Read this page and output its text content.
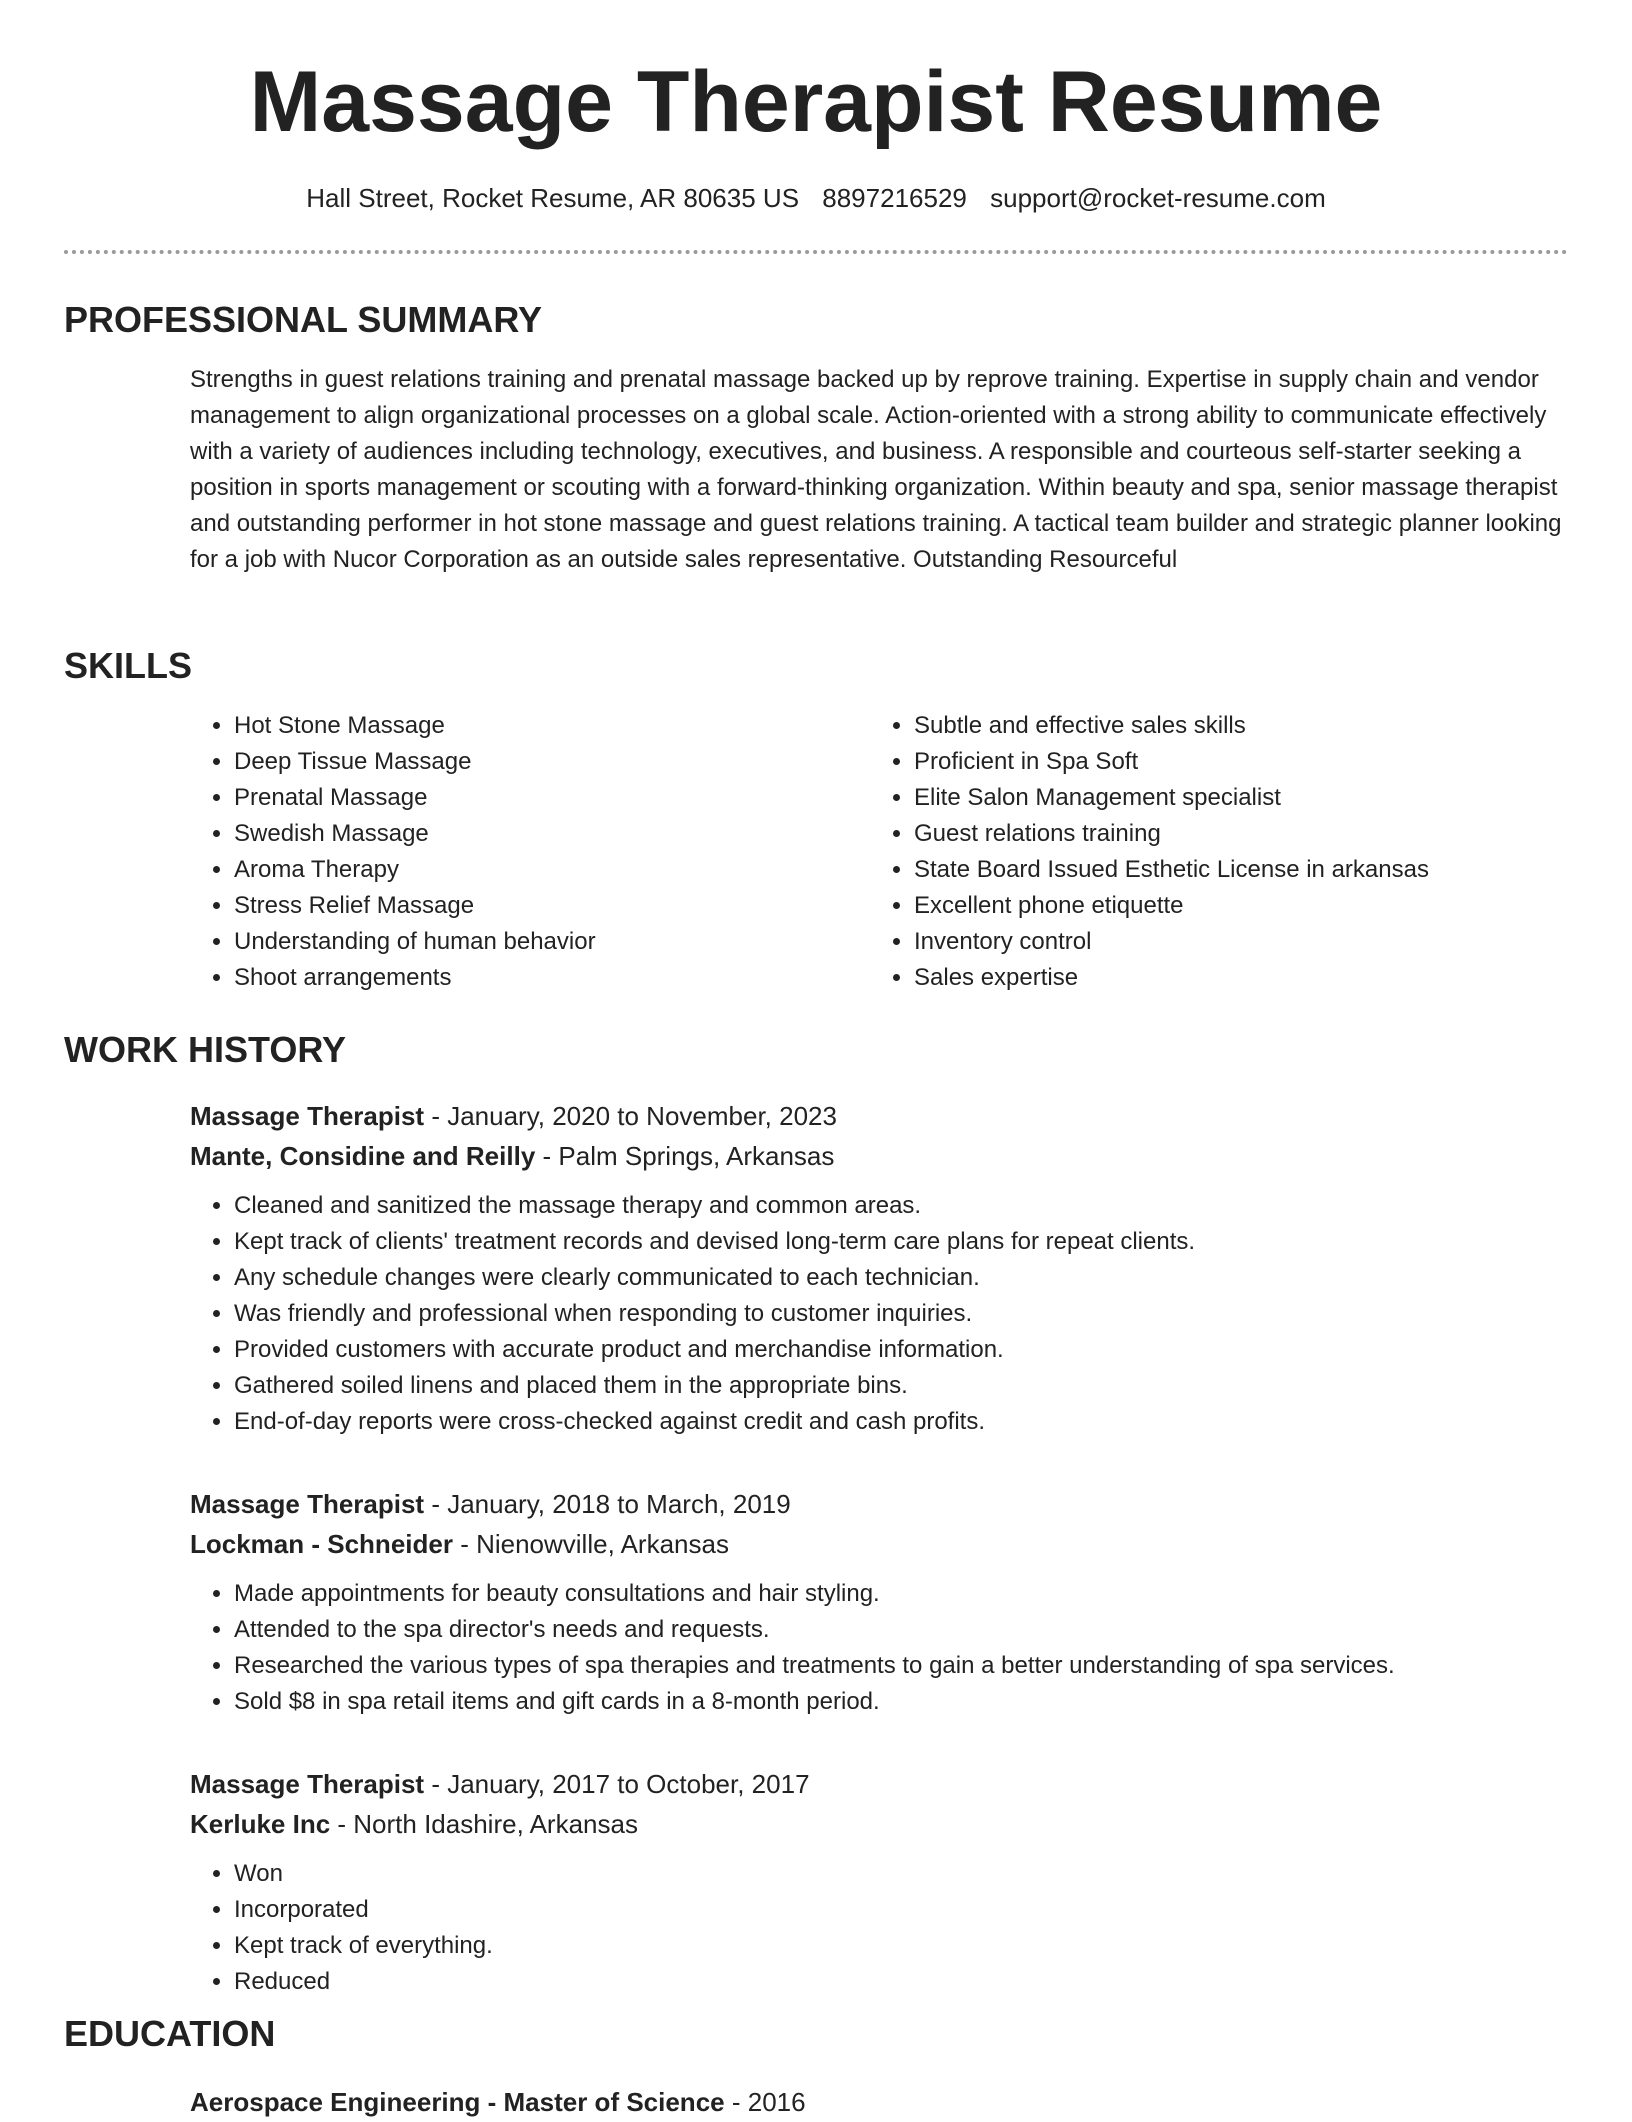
Massage Therapist Resume
Hall Street, Rocket Resume, AR 80635 US 8897216529 support@rocket-resume.com
PROFESSIONAL SUMMARY
Strengths in guest relations training and prenatal massage backed up by reprove training. Expertise in supply chain and vendor management to align organizational processes on a global scale. Action-oriented with a strong ability to communicate effectively with a variety of audiences including technology, executives, and business. A responsible and courteous self-starter seeking a position in sports management or scouting with a forward-thinking organization. Within beauty and spa, senior massage therapist and outstanding performer in hot stone massage and guest relations training. A tactical team builder and strategic planner looking for a job with Nucor Corporation as an outside sales representative. Outstanding Resourceful
SKILLS
• Hot Stone Massage
• Deep Tissue Massage
• Prenatal Massage
• Swedish Massage
• Aroma Therapy
• Stress Relief Massage
• Understanding of human behavior
• Shoot arrangements
• Subtle and effective sales skills
• Proficient in Spa Soft
• Elite Salon Management specialist
• Guest relations training
• State Board Issued Esthetic License in arkansas
• Excellent phone etiquette
• Inventory control
• Sales expertise
WORK HISTORY
Massage Therapist - January, 2020 to November, 2023
Mante, Considine and Reilly - Palm Springs, Arkansas
• Cleaned and sanitized the massage therapy and common areas.
• Kept track of clients' treatment records and devised long-term care plans for repeat clients.
• Any schedule changes were clearly communicated to each technician.
• Was friendly and professional when responding to customer inquiries.
• Provided customers with accurate product and merchandise information.
• Gathered soiled linens and placed them in the appropriate bins.
• End-of-day reports were cross-checked against credit and cash profits.
Massage Therapist - January, 2018 to March, 2019
Lockman - Schneider - Nienowville, Arkansas
• Made appointments for beauty consultations and hair styling.
• Attended to the spa director's needs and requests.
• Researched the various types of spa therapies and treatments to gain a better understanding of spa services.
• Sold $8 in spa retail items and gift cards in a 8-month period.
Massage Therapist - January, 2017 to October, 2017
Kerluke Inc - North Idashire, Arkansas
• Won
• Incorporated
• Kept track of everything.
• Reduced
EDUCATION
Aerospace Engineering - Master of Science - 2016
